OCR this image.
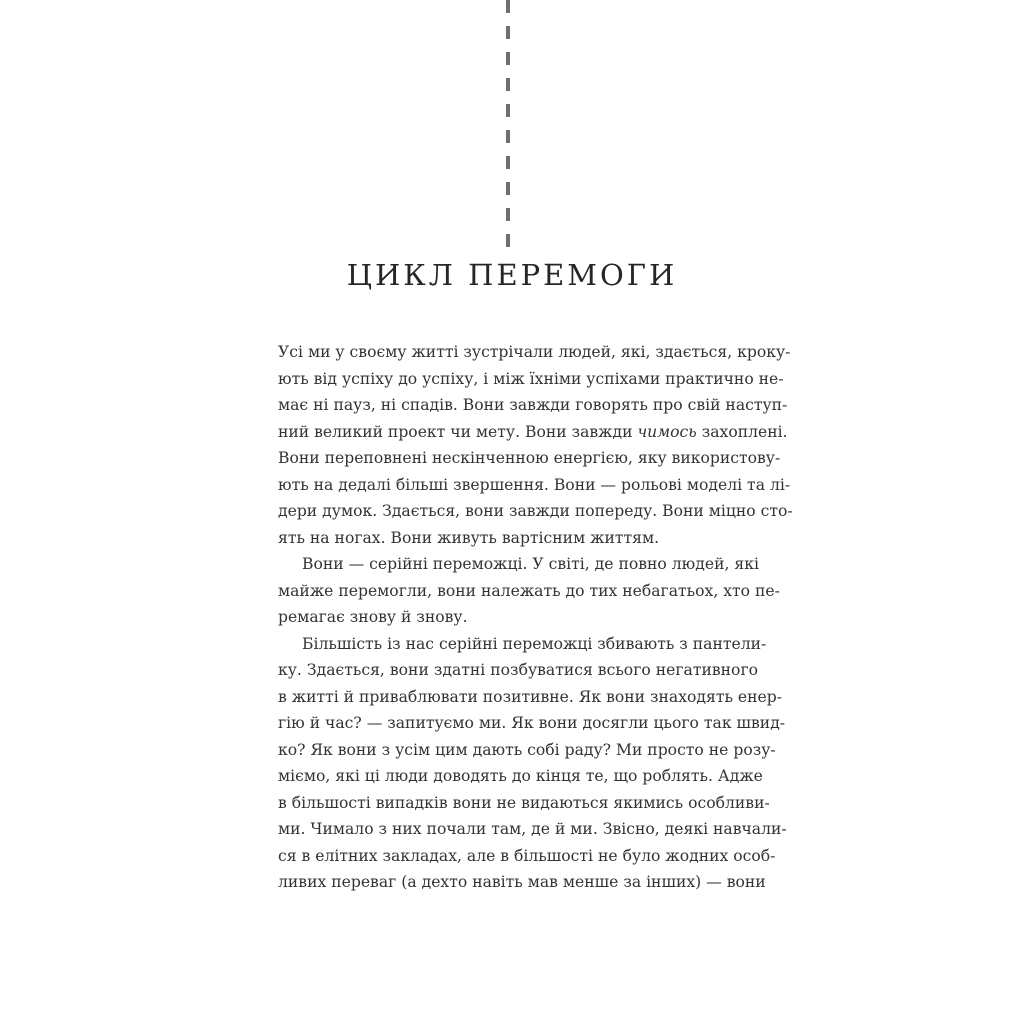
ЦИКЛ ПЕРЕМОГИ
Усі ми у своєму житті зустрічали людей, які, здається, кроку-
ють від успіху до успіху, і між їхніми успіхами практично не-
має ні пауз, ні спадів. Вони завжди говорять про свій наступ-
ний великий проект чи мету. Вони завжди чимось захоплені.
Вони переповнені нескінченною енергією, яку використову-
ють на дедалі більші звершення. Вони — рольові моделі та лі-
дери думок. Здається, вони завжди попереду. Вони міцно сто-
ять на ногах. Вони живуть вартісним життям.
Вони — серійні переможці. У світі, де повно людей, які
майже перемогли, вони належать до тих небагатьох, хто пе-
ремагає знову й знову.
Більшість із нас серійні переможці збивають з пантели-
ку. Здається, вони здатні позбуватися всього негативного
в житті й приваблювати позитивне. Як вони знаходять енер-
гію й час? — запитуємо ми. Як вони досягли цього так швид-
ко? Як вони з усім цим дають собі раду? Ми просто не розу-
міємо, які ці люди доводять до кінця те, що роблять. Адже
в більшості випадків вони не видаються якимись особливи-
ми. Чимало з них почали там, де й ми. Звісно, деякі навчали-
ся в елітних закладах, але в більшості не було жодних особ-
ливих переваг (а дехто навіть мав менше за інших) — вони
